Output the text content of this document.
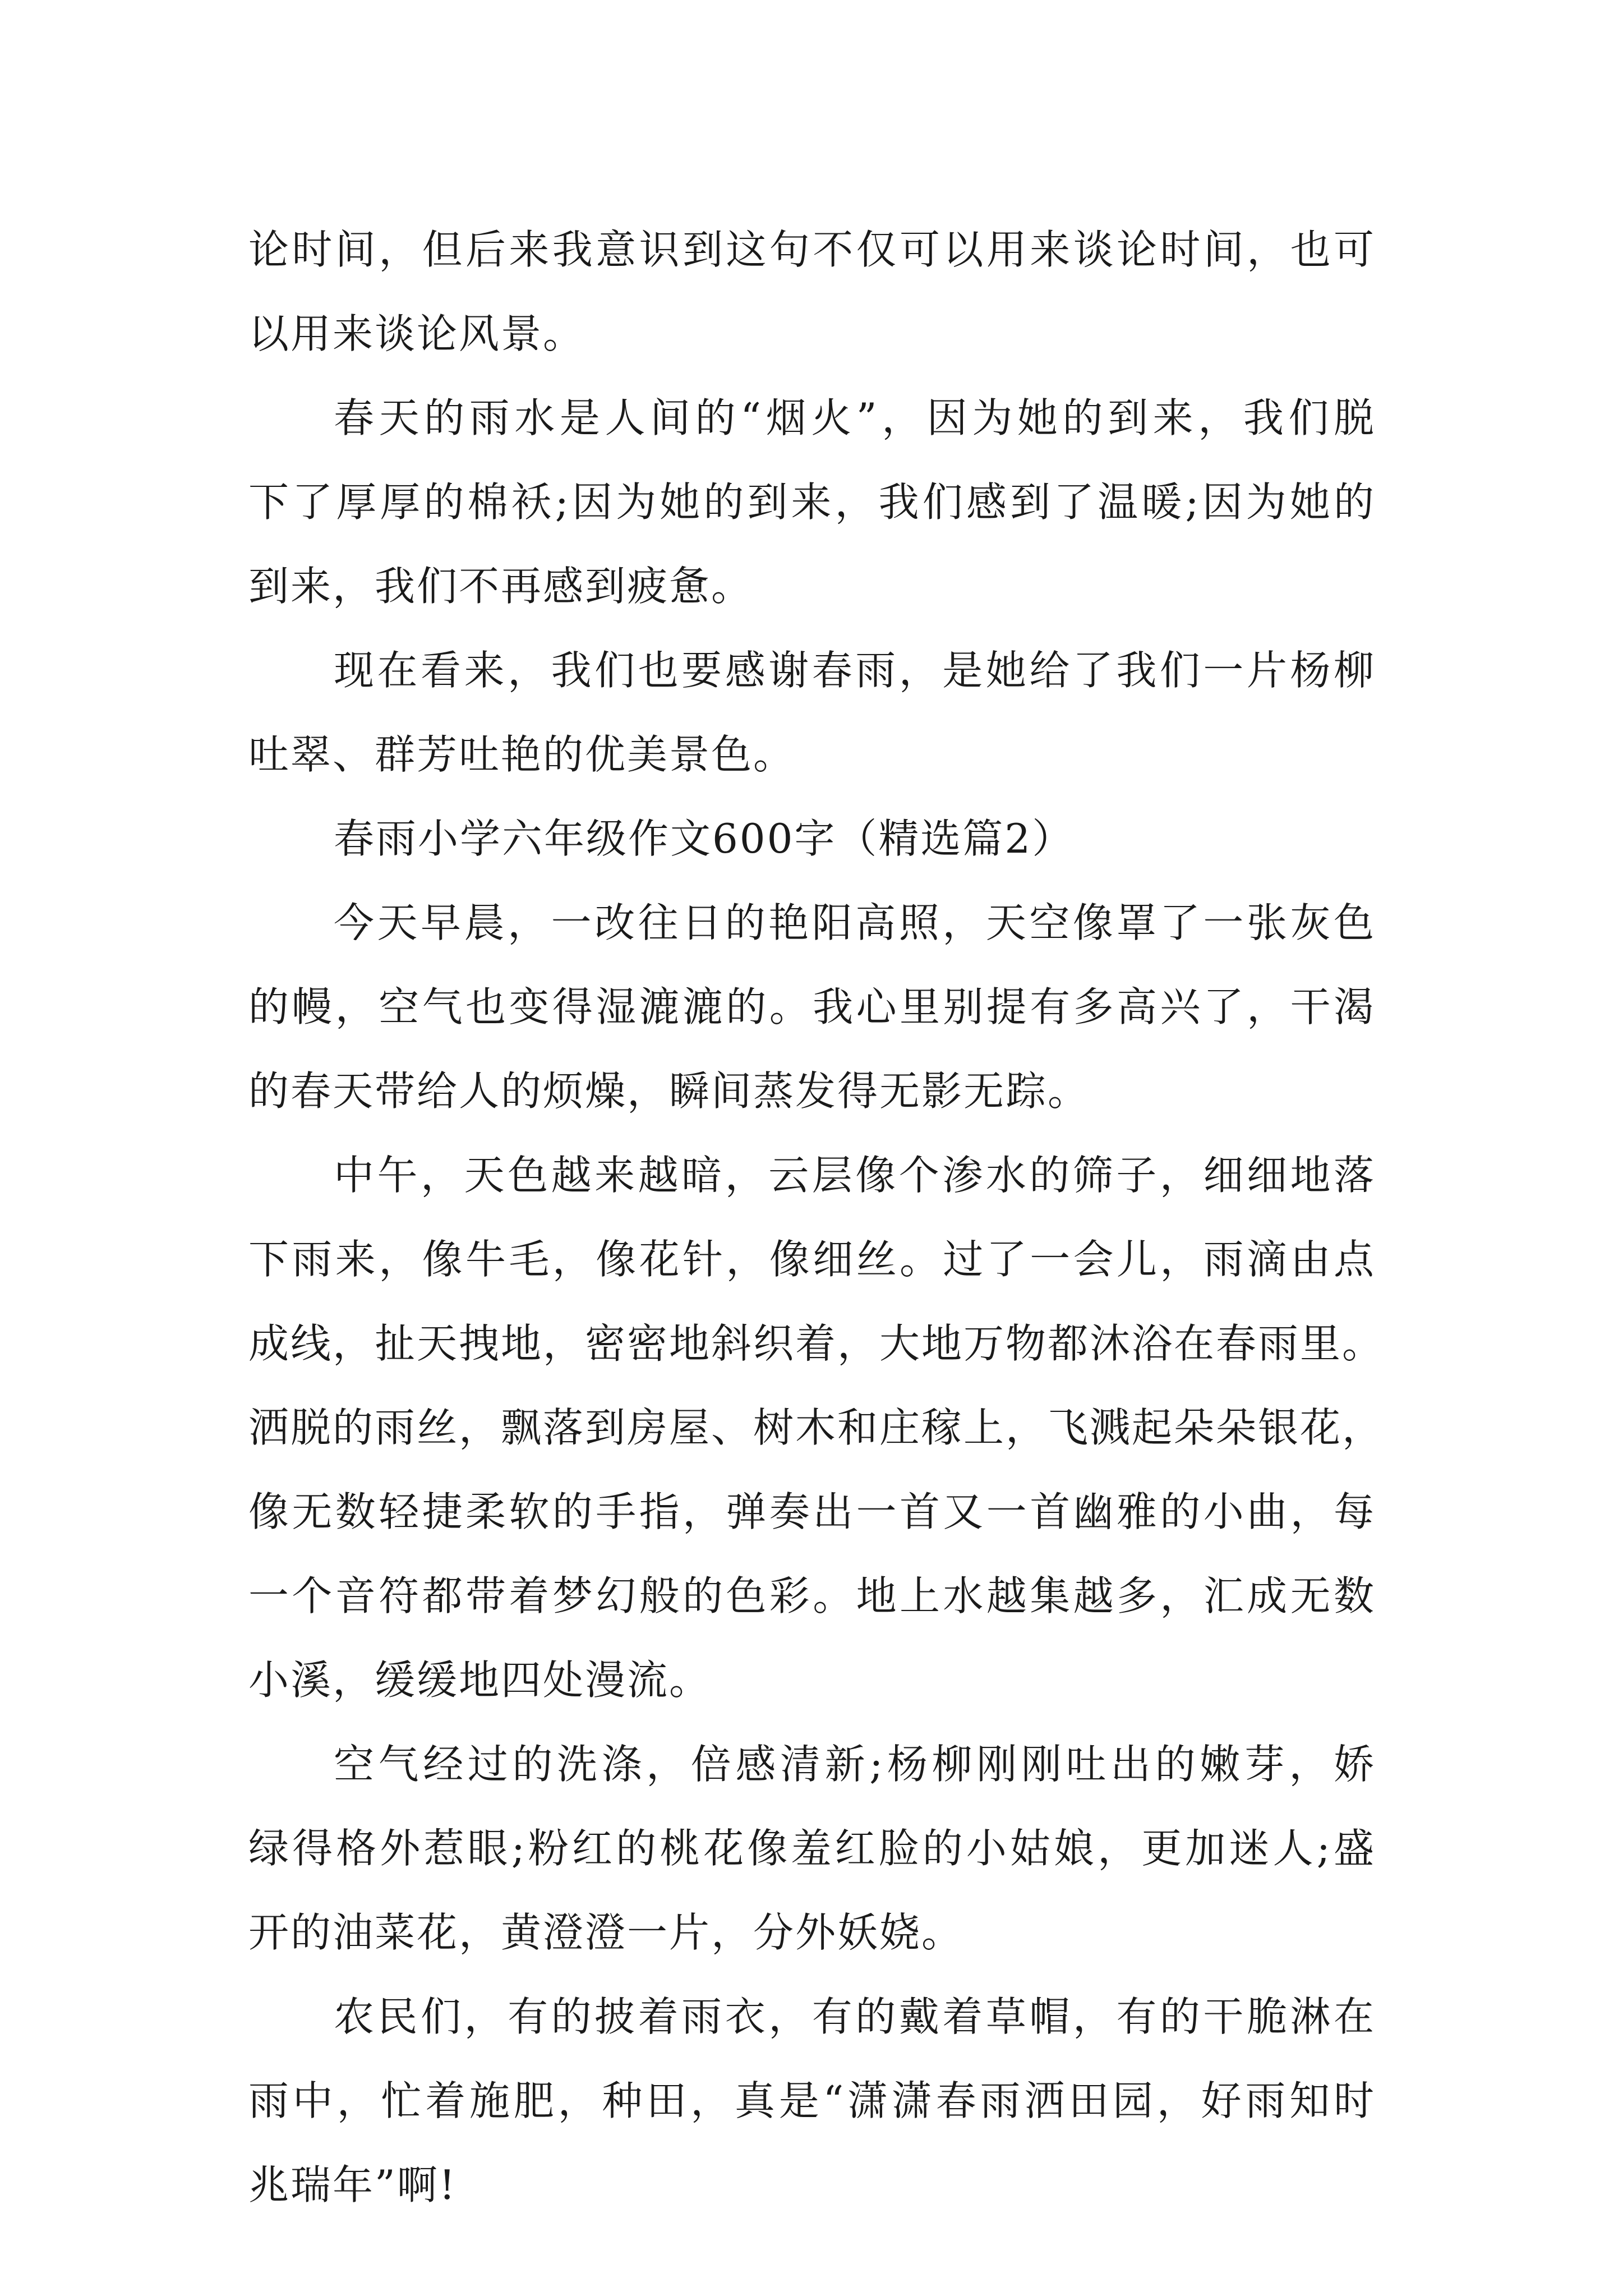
论时间，但后来我意识到这句不仅可以用来谈论时间，也可
以用来谈论风景。
春天的雨水是人间的“烟火”，因为她的到来，我们脱
下了厚厚的棉袄;因为她的到来，我们感到了温暖;因为她的
到来，我们不再感到疲惫。
现在看来，我们也要感谢春雨，是她给了我们一片杨柳
吐翠、群芳吐艳的优美景色。
春雨小学六年级作文600字（精选篇2）
今天早晨，一改往日的艳阳高照，天空像罩了一张灰色
的幔，空气也变得湿漉漉的。我心里别提有多高兴了，干渴
的春天带给人的烦燥，瞬间蒸发得无影无踪。
中午，天色越来越暗，云层像个渗水的筛子，细细地落
下雨来，像牛毛，像花针，像细丝。过了一会儿，雨滴由点
成线，扯天拽地，密密地斜织着，大地万物都沐浴在春雨里。
洒脱的雨丝，飘落到房屋、树木和庄稼上，飞溅起朵朵银花，
像无数轻捷柔软的手指，弹奏出一首又一首幽雅的小曲，每
一个音符都带着梦幻般的色彩。地上水越集越多，汇成无数
小溪，缓缓地四处漫流。
空气经过的洗涤，倍感清新;杨柳刚刚吐出的嫩芽，娇
绿得格外惹眼;粉红的桃花像羞红脸的小姑娘，更加迷人;盛
开的油菜花，黄澄澄一片，分外妖娆。
农民们，有的披着雨衣，有的戴着草帽，有的干脆淋在
雨中，忙着施肥，种田，真是“潇潇春雨洒田园，好雨知时
兆瑞年”啊!
